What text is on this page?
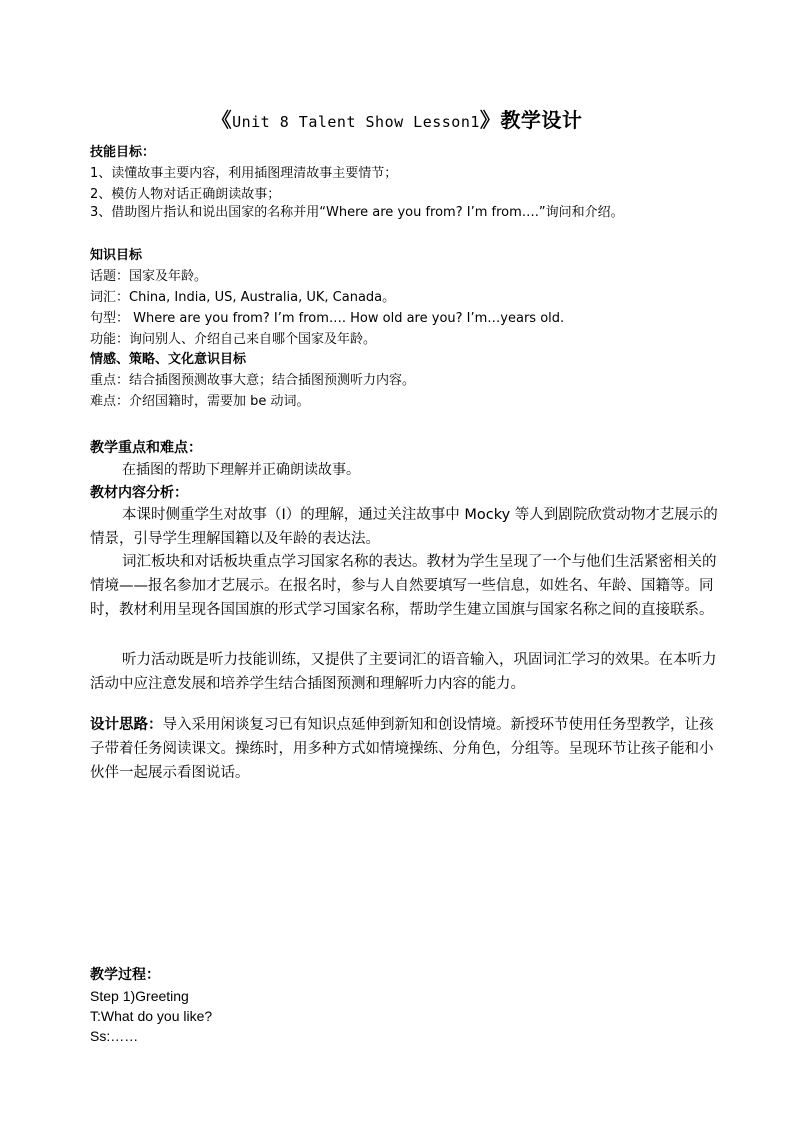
《Unit 8 Talent Show Lesson1》教学设计
技能目标：
1、读懂故事主要内容，利用插图理清故事主要情节；
2、模仿人物对话正确朗读故事；
3、借助图片指认和说出国家的名称并用“Where are you from? I’m from….”询问和介绍。
知识目标
话题：国家及年龄。
词汇：China, India, US, Australia, UK, Canada。
句型： Where are you from? I’m from…. How old are you? I’m…years old.
功能：询问别人、介绍自己来自哪个国家及年龄。
情感、策略、文化意识目标
重点：结合插图预测故事大意；结合插图预测听力内容。
难点：介绍国籍时，需要加 be 动词。
教学重点和难点：
在插图的帮助下理解并正确朗读故事。
教材内容分析：
本课时侧重学生对故事（I）的理解，通过关注故事中 Mocky 等人到剧院欣赏动物才艺展示的情景，引导学生理解国籍以及年龄的表达法。
词汇板块和对话板块重点学习国家名称的表达。教材为学生呈现了一个与他们生活紧密相关的情境——报名参加才艺展示。在报名时，参与人自然要填写一些信息，如姓名、年龄、国籍等。同时，教材利用呈现各国国旗的形式学习国家名称，帮助学生建立国旗与国家名称之间的直接联系。
听力活动既是听力技能训练，又提供了主要词汇的语音输入，巩固词汇学习的效果。在本听力活动中应注意发展和培养学生结合插图预测和理解听力内容的能力。
设计思路：导入采用闲谈复习已有知识点延伸到新知和创设情境。新授环节使用任务型教学，让孩子带着任务阅读课文。操练时，用多种方式如情境操练、分角色，分组等。呈现环节让孩子能和小伙伴一起展示看图说话。
教学过程：
Step 1)Greeting
T:What do you like?
Ss:……
